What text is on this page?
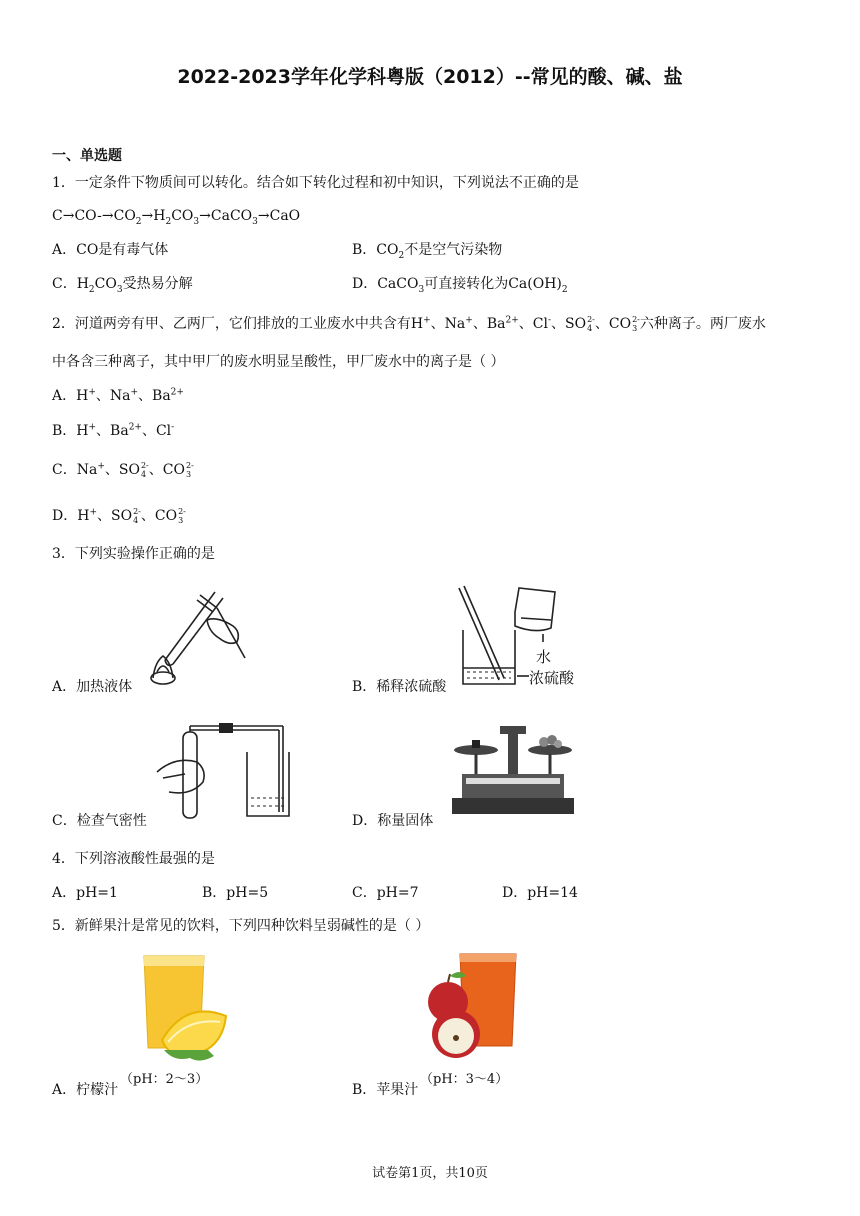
2022-2023学年化学科粤版（2012）--常见的酸、碱、盐
一、单选题
1．一定条件下物质间可以转化。结合如下转化过程和初中知识，下列说法不正确的是
$C\to CO-\to CO_2\to H_2CO_3\to CaCO_3\to CaO$
A．CO是有毒气体	B．$CO_2$不是空气污染物
C．$H_2CO_3$受热易分解	D．CaCO$_3$可直接转化为$Ca(OH)_2$
2．河道两旁有甲、乙两厂，它们排放的工业废水中共含有H+、Na+、$Ba^{2+}$、Cl-、SO 2-
4 、CO 2-
3 六种离子。两厂废水
中各含三种离子，其中甲厂的废水明显呈酸性，甲厂废水中的离子是（ ）
A．H+、Na+、$Ba^{2+}$
B．H+、$Ba^{2+}$、Cl-
C．Na+、SO 2-
4 、CO 2-
3
D．H+、SO 2-
4 、CO 2-
3
3．下列实验操作正确的是
A．加热液体
水
浓硫酸
B．稀释浓硫酸
C．检查气密性	D．称量固体
4．下列溶液酸性最强的是
A．pH=1	B．pH=5	C．pH=7	D．pH=14
5．新鲜果汁是常见的饮料，下列四种饮料呈弱碱性的是（ ）
A．柠檬汁
（pH：2～3）
B．苹果汁
（pH：3～4）
试卷第1页，共10页
